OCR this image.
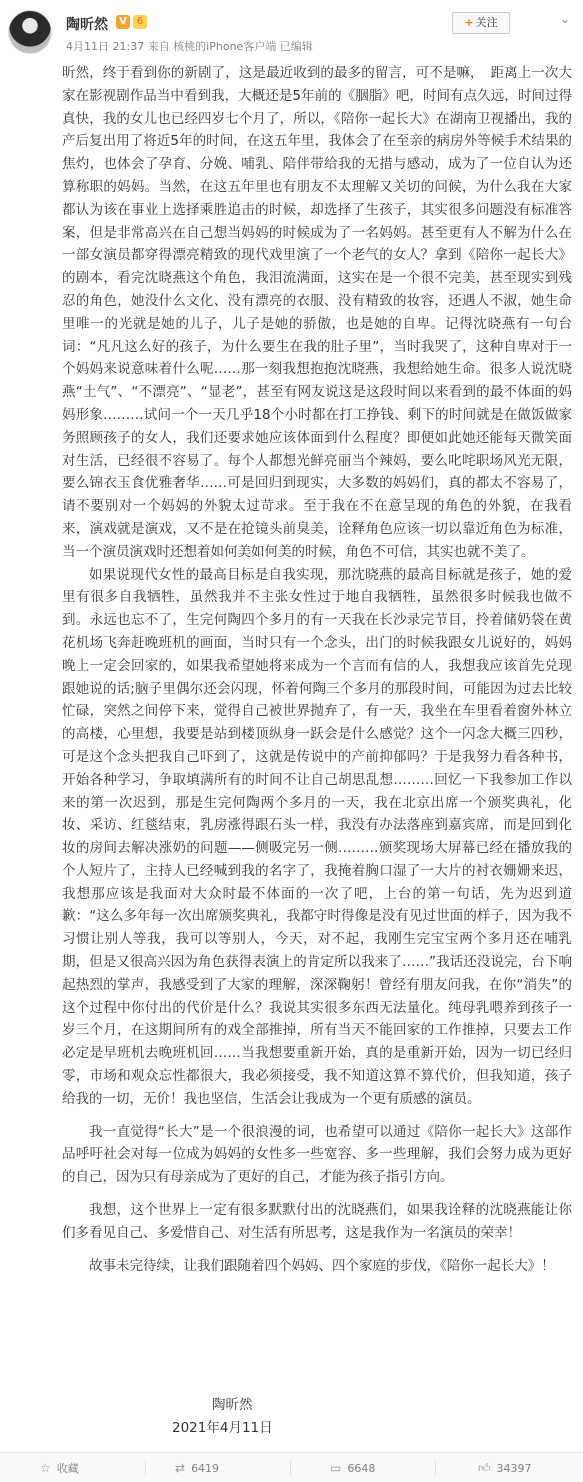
陶昕然	V 6
4月11日 21:37 来自 核桃的iPhone客户端 已编辑
+ 关注	⌄

昕然，终于看到你的新剧了，这是最近收到的最多的留言，可不是嘛，　距离上一次大家在影视剧作品当中看到我，大概还是5年前的《胭脂》吧，时间有点久远，时间过得真快，我的女儿也已经四岁七个月了，所以，《陪你一起长大》在湖南卫视播出，我的产后复出用了将近5年的时间，在这五年里，我体会了在至亲的病房外等候手术结果的焦灼，也体会了孕育、分娩、哺乳、陪伴带给我的无措与感动，成为了一位自认为还算称职的妈妈。当然，在这五年里也有朋友不太理解又关切的问候，为什么我在大家都认为该在事业上选择乘胜追击的时候，却选择了生孩子，其实很多问题没有标准答案，但是非常高兴在自己想当妈妈的时候成为了一名妈妈。甚至更有人不解为什么在一部女演员都穿得漂亮精致的现代戏里演了一个老气的女人？拿到《陪你一起长大》的剧本，看完沈晓燕这个角色，我泪流满面，这实在是一个很不完美，甚至现实到残忍的角色，她没什么文化、没有漂亮的衣服、没有精致的妆容，还遇人不淑，她生命里唯一的光就是她的儿子，儿子是她的骄傲，也是她的自卑。记得沈晓燕有一句台词：“凡凡这么好的孩子，为什么要生在我的肚子里”，当时我哭了，这种自卑对于一个妈妈来说意味着什么呢……那一刻我想抱抱沈晓燕，我想给她生命。很多人说沈晓燕“土气”、“不漂亮”、“显老”，甚至有网友说这是这段时间以来看到的最不体面的妈妈形象………试问一个一天几乎18个小时都在打工挣钱、剩下的时间就是在做饭做家务照顾孩子的女人，我们还要求她应该体面到什么程度？即便如此她还能每天微笑面对生活，已经很不容易了。每个人都想光鲜亮丽当个辣妈，要么叱咤职场风光无限，要么锦衣玉食优雅奢华……可是回归到现实，大多数的妈妈们，真的都太不容易了，请不要别对一个妈妈的外貌太过苛求。至于我在不在意呈现的角色的外貌，在我看来，演戏就是演戏，又不是在抢镜头前臭美，诠释角色应该一切以靠近角色为标准，当一个演员演戏时还想着如何美如何美的时候，角色不可信，其实也就不美了。

如果说现代女性的最高目标是自我实现，那沈晓燕的最高目标就是孩子，她的爱里有很多自我牺牲，虽然我并不主张女性过于地自我牺牲，虽然很多时候我也做不到。永远也忘不了，生完何陶四个多月的有一天我在长沙录完节目，拎着储奶袋在黄花机场飞奔赶晚班机的画面，当时只有一个念头，出门的时候我跟女儿说好的，妈妈晚上一定会回家的，如果我希望她将来成为一个言而有信的人，我想我应该首先兑现跟她说的话;脑子里偶尔还会闪现，怀着何陶三个多月的那段时间，可能因为过去比较忙碌，突然之间停下来，觉得自己被世界抛弃了，有一天，我坐在车里看着窗外林立的高楼，心里想，我要是站到楼顶纵身一跃会是什么感觉？这个一闪念大概三四秒，可是这个念头把我自己吓到了，这就是传说中的产前抑郁吗？于是我努力看各种书，开始各种学习，争取填满所有的时间不让自己胡思乱想………回忆一下我参加工作以来的第一次迟到，那是生完何陶两个多月的一天，我在北京出席一个颁奖典礼，化妆、采访、红毯结束，乳房涨得跟石头一样，我没有办法落座到嘉宾席，而是回到化妆的房间去解决涨奶的问题——侧吸完另一侧………颁奖现场大屏幕已经在播放我的个人短片了，主持人已经喊到我的名字了，我掩着胸口湿了一大片的衬衣姗姗来迟，我想那应该是我面对大众时最不体面的一次了吧，上台的第一句话，先为迟到道歉：“这么多年每一次出席颁奖典礼，我都守时得像是没有见过世面的样子，因为我不习惯让别人等我，我可以等别人，今天，对不起，我刚生完宝宝两个多月还在哺乳期，但是又很高兴因为角色获得表演上的肯定所以我来了……”我话还没说完，台下响起热烈的掌声，我感受到了大家的理解，深深鞠躬！曾经有朋友问我，在你“消失”的这个过程中你付出的代价是什么？我说其实很多东西无法量化。纯母乳喂养到孩子一岁三个月，在这期间所有的戏全部推掉，所有当天不能回家的工作推掉，只要去工作必定是早班机去晚班机回……当我想要重新开始，真的是重新开始，因为一切已经归零，市场和观众忘性都很大，我必须接受，我不知道这算不算代价，但我知道，孩子给我的一切，无价！我也坚信，生活会让我成为一个更有质感的演员。

我一直觉得“长大”是一个很浪漫的词，也希望可以通过《陪你一起长大》这部作品呼吁社会对每一位成为妈妈的女性多一些宽容、多一些理解，我们会努力成为更好的自己，因为只有母亲成为了更好的自己，才能为孩子指引方向。

我想，这个世界上一定有很多默默付出的沈晓燕们，如果我诠释的沈晓燕能让你们多看见自己、多爱惜自己、对生活有所思考，这是我作为一名演员的荣幸！

故事未完待续，让我们跟随着四个妈妈、四个家庭的步伐，《陪你一起长大》！

陶昕然
2021年4月11日
☆ 收藏	⇄ 6419	▭ 6648	👍︎ 34397
